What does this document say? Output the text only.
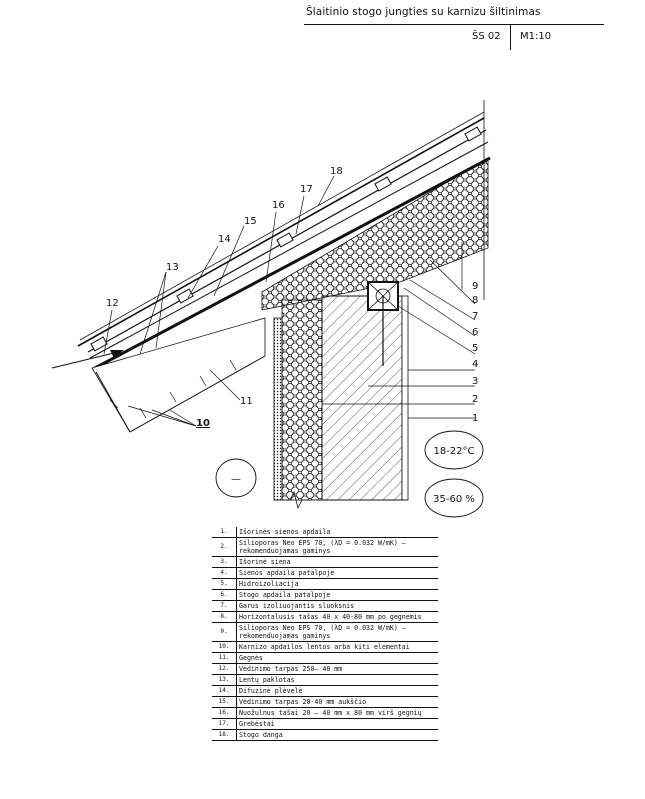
Šlaitinio stogo jungties su karnizu šiltinimas
ŠS 02 M1:10
1
2
3
4
5
6
7
8
9
10
11
12
13
14
15
16
17
18
—
18-22°C
35-60 %
1.	Išorinės sienos apdaila
2.	Silioporas Neo EPS 70, (λD = 0.032 W/mK) – rekomenduojamas gaminys
3.	Išorinė siena
4.	Sienos apdaila patalpoje
5.	Hidroizoliacija
6.	Stogo apdaila patalpoje
7.	Garus izoliuojantis sluoksnis
8.	Horizontalusis tašas 40 x 40-80 mm po gegnemis
9.	Silioporas Neo EPS 70, (λD = 0.032 W/mK) – rekomenduojamas gaminys
10.	Karnizo apdailos lentos arba kiti elementai
11.	Gegnės
12.	Vėdinimo tarpas 250– 40 mm
13.	Lentų paklotas
14.	Difuzinė plėvelė
15.	Vėdinimo tarpas 20-40 mm aukščio
16.	Nuožulnus tašai 20 – 40 mm x 80 mm virš gegnių
17.	Grebėstai
18.	Stogo danga
